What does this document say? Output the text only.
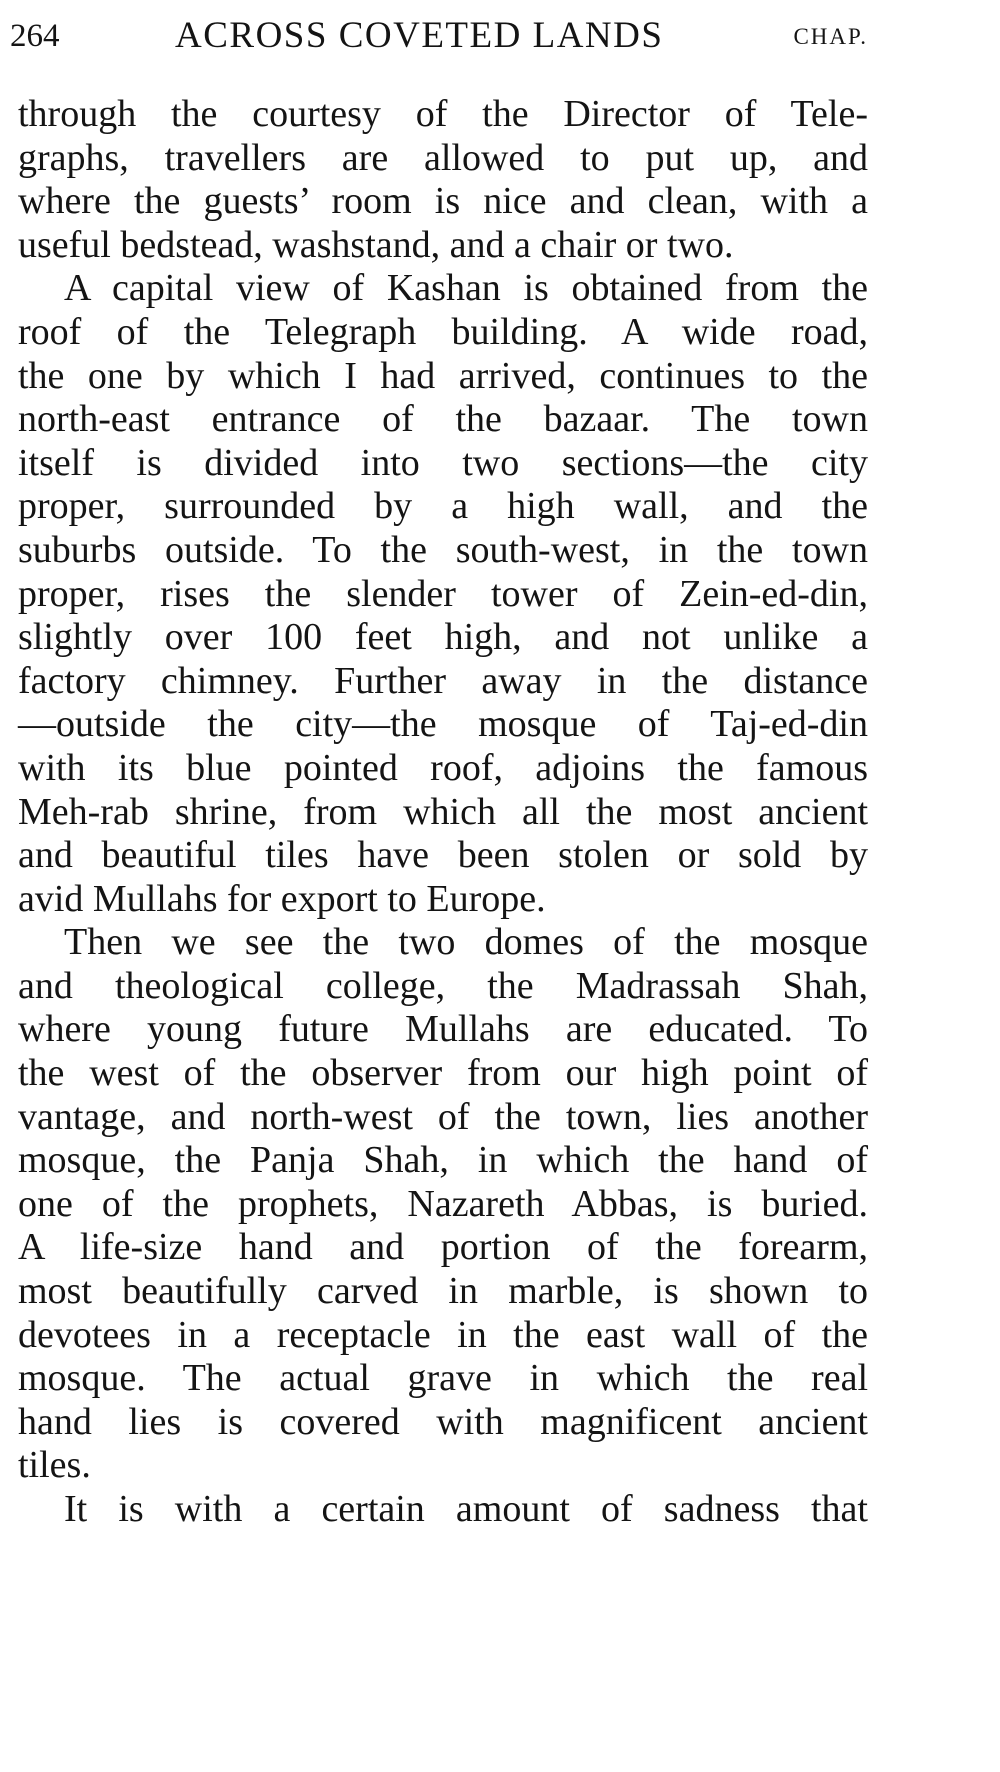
264	ACROSS COVETED LANDS	CHAP.

through the courtesy of the Director of Tele-
graphs, travellers are allowed to put up, and
where the guests’ room is nice and clean, with a
useful bedstead, washstand, and a chair or two.

A capital view of Kashan is obtained from the
roof of the Telegraph building. A wide road,
the one by which I had arrived, continues to the
north-east entrance of the bazaar. The town
itself is divided into two sections—the city
proper, surrounded by a high wall, and the
suburbs outside. To the south-west, in the town
proper, rises the slender tower of Zein-ed-din,
slightly over 100 feet high, and not unlike a
factory chimney. Further away in the distance
—outside the city—the mosque of Taj-ed-din
with its blue pointed roof, adjoins the famous
Meh-rab shrine, from which all the most ancient
and beautiful tiles have been stolen or sold by
avid Mullahs for export to Europe.

Then we see the two domes of the mosque
and theological college, the Madrassah Shah,
where young future Mullahs are educated. To
the west of the observer from our high point of
vantage, and north-west of the town, lies another
mosque, the Panja Shah, in which the hand of
one of the prophets, Nazareth Abbas, is buried.
A life-size hand and portion of the forearm,
most beautifully carved in marble, is shown to
devotees in a receptacle in the east wall of the
mosque. The actual grave in which the real
hand lies is covered with magnificent ancient
tiles.

It is with a certain amount of sadness that
